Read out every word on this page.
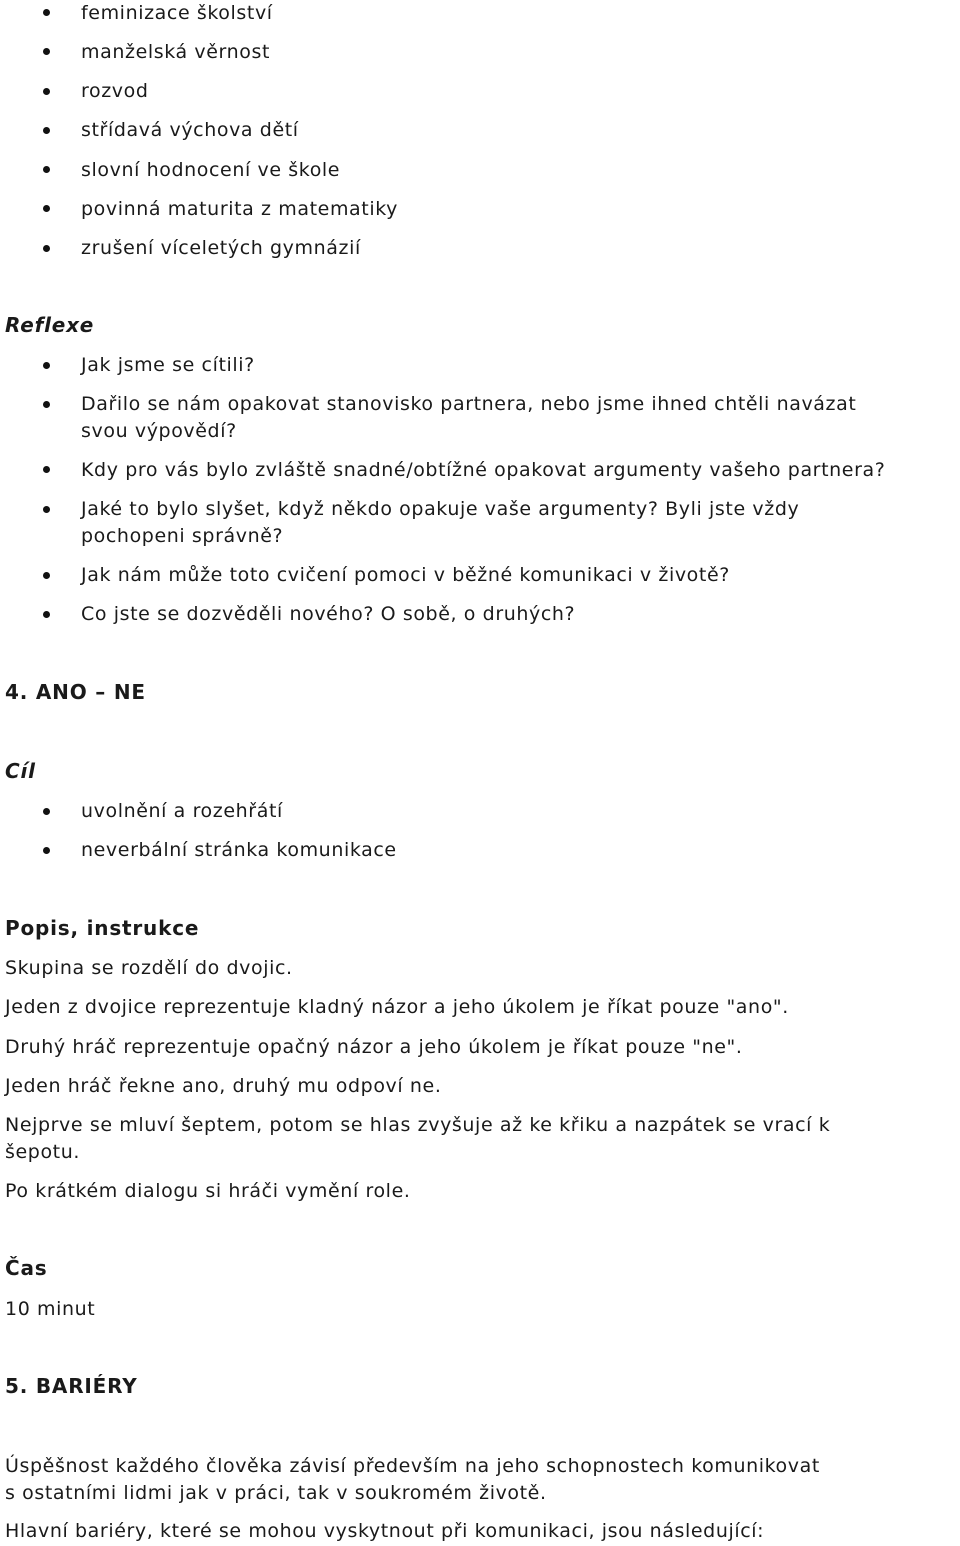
feminizace školství
manželská věrnost
rozvod
střídavá výchova dětí
slovní hodnocení ve škole
povinná maturita z matematiky
zrušení víceletých gymnázií
Reflexe
Jak jsme se cítili?
Dařilo se nám opakovat stanovisko partnera, nebo jsme ihned chtěli navázat
svou výpovědí?
Kdy pro vás bylo zvláště snadné/obtížné opakovat argumenty vašeho partnera?
Jaké to bylo slyšet, když někdo opakuje vaše argumenty? Byli jste vždy
pochopeni správně?
Jak nám může toto cvičení pomoci v běžné komunikaci v životě?
Co jste se dozvěděli nového? O sobě, o druhých?
4. ANO – NE
Cíl
uvolnění a rozehřátí
neverbální stránka komunikace
Popis, instrukce
Skupina se rozdělí do dvojic.
Jeden z dvojice reprezentuje kladný názor a jeho úkolem je říkat pouze "ano".
Druhý hráč reprezentuje opačný názor a jeho úkolem je říkat pouze "ne".
Jeden hráč řekne ano, druhý mu odpoví ne.
Nejprve se mluví šeptem, potom se hlas zvyšuje až ke křiku a nazpátek se vrací k
šepotu.
Po krátkém dialogu si hráči vymění role.
Čas
10 minut
5. BARIÉRY
Úspěšnost každého člověka závisí především na jeho schopnostech komunikovat
s ostatními lidmi jak v práci, tak v soukromém životě.
Hlavní bariéry, které se mohou vyskytnout při komunikaci, jsou následující:
